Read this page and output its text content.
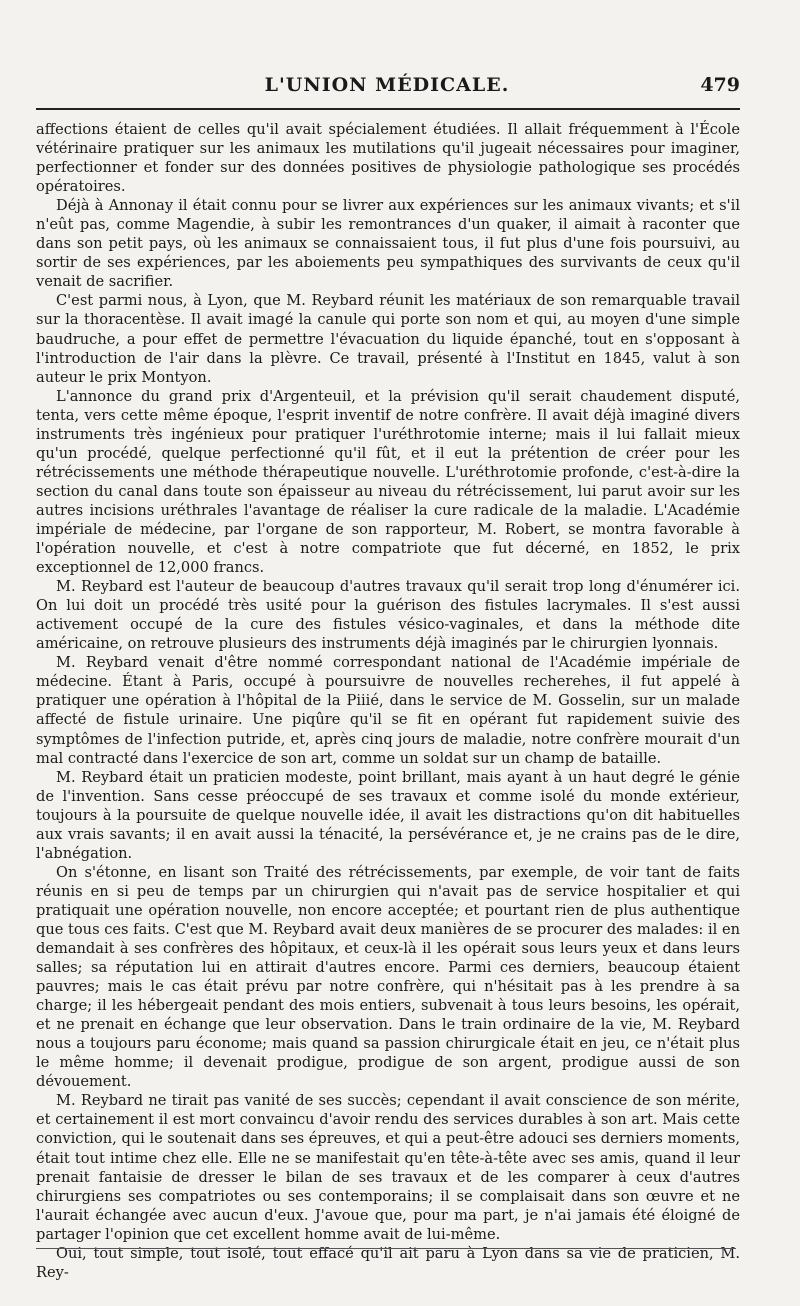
L'UNION MÉDICALE.	479

affections étaient de celles qu'il avait spécialement étudiées. Il allait fréquemment à l'École vétérinaire pratiquer sur les animaux les mutilations qu'il jugeait nécessaires pour imaginer, perfectionner et fonder sur des données positives de physiologie pathologique ses procédés opératoires.

Déjà à Annonay il était connu pour se livrer aux expériences sur les animaux vivants; et s'il n'eût pas, comme Magendie, à subir les remontrances d'un quaker, il aimait à raconter que dans son petit pays, où les animaux se connaissaient tous, il fut plus d'une fois poursuivi, au sortir de ses expériences, par les aboiements peu sympathiques des survivants de ceux qu'il venait de sacrifier.

C'est parmi nous, à Lyon, que M. Reybard réunit les matériaux de son remarquable travail sur la thoracentèse. Il avait imagé la canule qui porte son nom et qui, au moyen d'une simple baudruche, a pour effet de permettre l'évacuation du liquide épanché, tout en s'opposant à l'introduction de l'air dans la plèvre. Ce travail, présenté à l'Institut en 1845, valut à son auteur le prix Montyon.

L'annonce du grand prix d'Argenteuil, et la prévision qu'il serait chaudement disputé, tenta, vers cette même époque, l'esprit inventif de notre confrère. Il avait déjà imaginé divers instruments très ingénieux pour pratiquer l'uréthrotomie interne; mais il lui fallait mieux qu'un procédé, quelque perfectionné qu'il fût, et il eut la prétention de créer pour les rétrécissements une méthode thérapeutique nouvelle. L'uréthrotomie profonde, c'est-à-dire la section du canal dans toute son épaisseur au niveau du rétrécissement, lui parut avoir sur les autres incisions uréthrales l'avantage de réaliser la cure radicale de la maladie. L'Académie impériale de médecine, par l'organe de son rapporteur, M. Robert, se montra favorable à l'opération nouvelle, et c'est à notre compatriote que fut décerné, en 1852, le prix exceptionnel de 12,000 francs.

M. Reybard est l'auteur de beaucoup d'autres travaux qu'il serait trop long d'énumérer ici. On lui doit un procédé très usité pour la guérison des fistules lacrymales. Il s'est aussi activement occupé de la cure des fistules vésico-vaginales, et dans la méthode dite américaine, on retrouve plusieurs des instruments déjà imaginés par le chirurgien lyonnais.

M. Reybard venait d'être nommé correspondant national de l'Académie impériale de médecine. Étant à Paris, occupé à poursuivre de nouvelles recherehes, il fut appelé à pratiquer une opération à l'hôpital de la Piiié, dans le service de M. Gosselin, sur un malade affecté de fistule urinaire. Une piqûre qu'il se fit en opérant fut rapidement suivie des symptômes de l'infection putride, et, après cinq jours de maladie, notre confrère mourait d'un mal contracté dans l'exercice de son art, comme un soldat sur un champ de bataille.

M. Reybard était un praticien modeste, point brillant, mais ayant à un haut degré le génie de l'invention. Sans cesse préoccupé de ses travaux et comme isolé du monde extérieur, toujours à la poursuite de quelque nouvelle idée, il avait les distractions qu'on dit habituelles aux vrais savants; il en avait aussi la ténacité, la persévérance et, je ne crains pas de le dire, l'abnégation.

On s'étonne, en lisant son Traité des rétrécissements, par exemple, de voir tant de faits réunis en si peu de temps par un chirurgien qui n'avait pas de service hospitalier et qui pratiquait une opération nouvelle, non encore acceptée; et pourtant rien de plus authentique que tous ces faits. C'est que M. Reybard avait deux manières de se procurer des malades: il en demandait à ses confrères des hôpitaux, et ceux-là il les opérait sous leurs yeux et dans leurs salles; sa réputation lui en attirait d'autres encore. Parmi ces derniers, beaucoup étaient pauvres; mais le cas était prévu par notre confrère, qui n'hésitait pas à les prendre à sa charge; il les hébergeait pendant des mois entiers, subvenait à tous leurs besoins, les opérait, et ne prenait en échange que leur observation. Dans le train ordinaire de la vie, M. Reybard nous a toujours paru économe; mais quand sa passion chirurgicale était en jeu, ce n'était plus le même homme; il devenait prodigue, prodigue de son argent, prodigue aussi de son dévouement.

M. Reybard ne tirait pas vanité de ses succès; cependant il avait conscience de son mérite, et certainement il est mort convaincu d'avoir rendu des services durables à son art. Mais cette conviction, qui le soutenait dans ses épreuves, et qui a peut-être adouci ses derniers moments, était tout intime chez elle. Elle ne se manifestait qu'en tête-à-tête avec ses amis, quand il leur prenait fantaisie de dresser le bilan de ses travaux et de les comparer à ceux d'autres chirurgiens ses compatriotes ou ses contemporains; il se complaisait dans son œuvre et ne l'aurait échangée avec aucun d'eux. J'avoue que, pour ma part, je n'ai jamais été éloigné de partager l'opinion que cet excellent homme avait de lui-même.

Oui, tout simple, tout isolé, tout effacé qu'il ait paru à Lyon dans sa vie de praticien, M. Rey-
